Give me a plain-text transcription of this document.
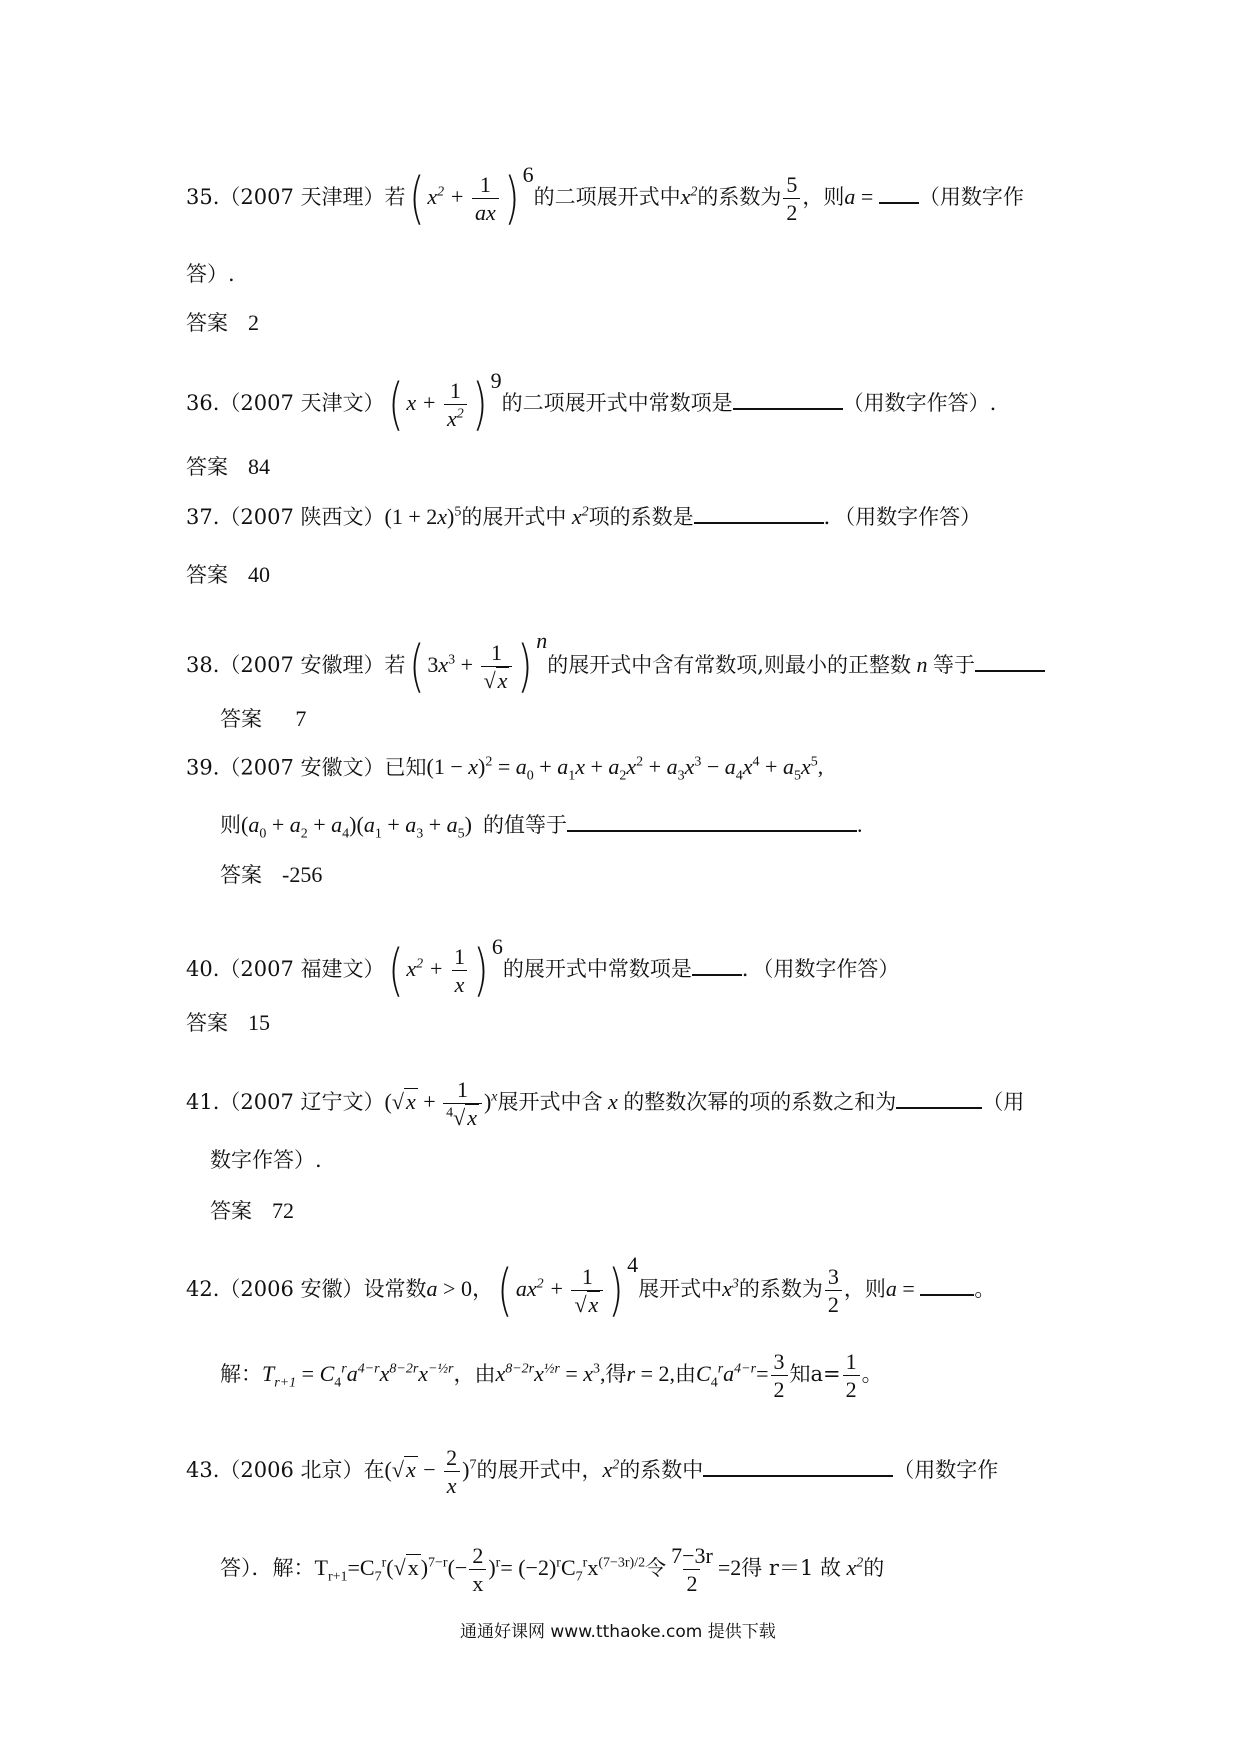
35.（2007 天津理）若( $x^2 + \frac{1}{ax}$ ) $^6$的二项展开式中$x^2$的系数为 $\frac{5}{2}$ ，则a = （用数字作
答）.
答案 2
36.（2007 天津文）( $x + \frac{1}{x^2}$ ) $^9$的二项展开式中常数项是	（用数字作答）.
答案 84
37.（2007 陕西文）$(1 + 2x)^5$的展开式中 $x^2$项的系数是	．（用数字作答）
答案 40
38.（2007 安徽理）若( $3x^3 + \frac{1}{√x}$ ) $^n$的展开式中含有常数项,则最小的正整数 n 等于
答案 7
39.（2007 安徽文）已知$(1 - x)^2 = a_0 + a_1x + a_2x^2 + a_3x^3 - a_4x^4 + a_5x^5$,
则$(a_0 + a_2 + a_4)(a_1 + a_3 + a_5)$  的值等于	.
答案 -256
40.（2007 福建文）( $x^2 + \frac{1}{x}$ ) $^6$的展开式中常数项是 ．（用数字作答）
答案 15
41.（2007 辽宁文）$(√x + \frac{1}{^4√x} )^x$展开式中含 x 的整数次幂的项的系数之和为	（用
数字作答）.
答案 72
42.（2006 安徽）设常数a > 0，( $ax^2 + \frac{1}{√x}$ ) $^4$展开式中$x^3$的系数为 $\frac{3}{2}$ ，则a =	。
解：$T_{r+1} = C_4^ra^{4-r}x^{8-2r}x^{-\frac{1}{2}r}$，由$x^{8-2r}x^{\frac{1}{2}r} = x^3$,得r = 2,由$C_4^ra^{4-r}= \frac{3}{2}$ 知$a= \frac{1}{2}$ 。
43.（2006 北京）在$(√x - \frac{2}{x} )^7$的展开式中，$x^2$的系数中	（用数字作
答）．解：$T_{r+1}=C_7^r(√x)^{7-r}(- \frac{2}{x} )^r= (-2)^rC_7^rx^{(7-3r)/2}$令 $\frac{7-3r}{2} =2$得 r＝1 故 $x^2$的
通通好课网 www.tthaoke.com 提供下载
